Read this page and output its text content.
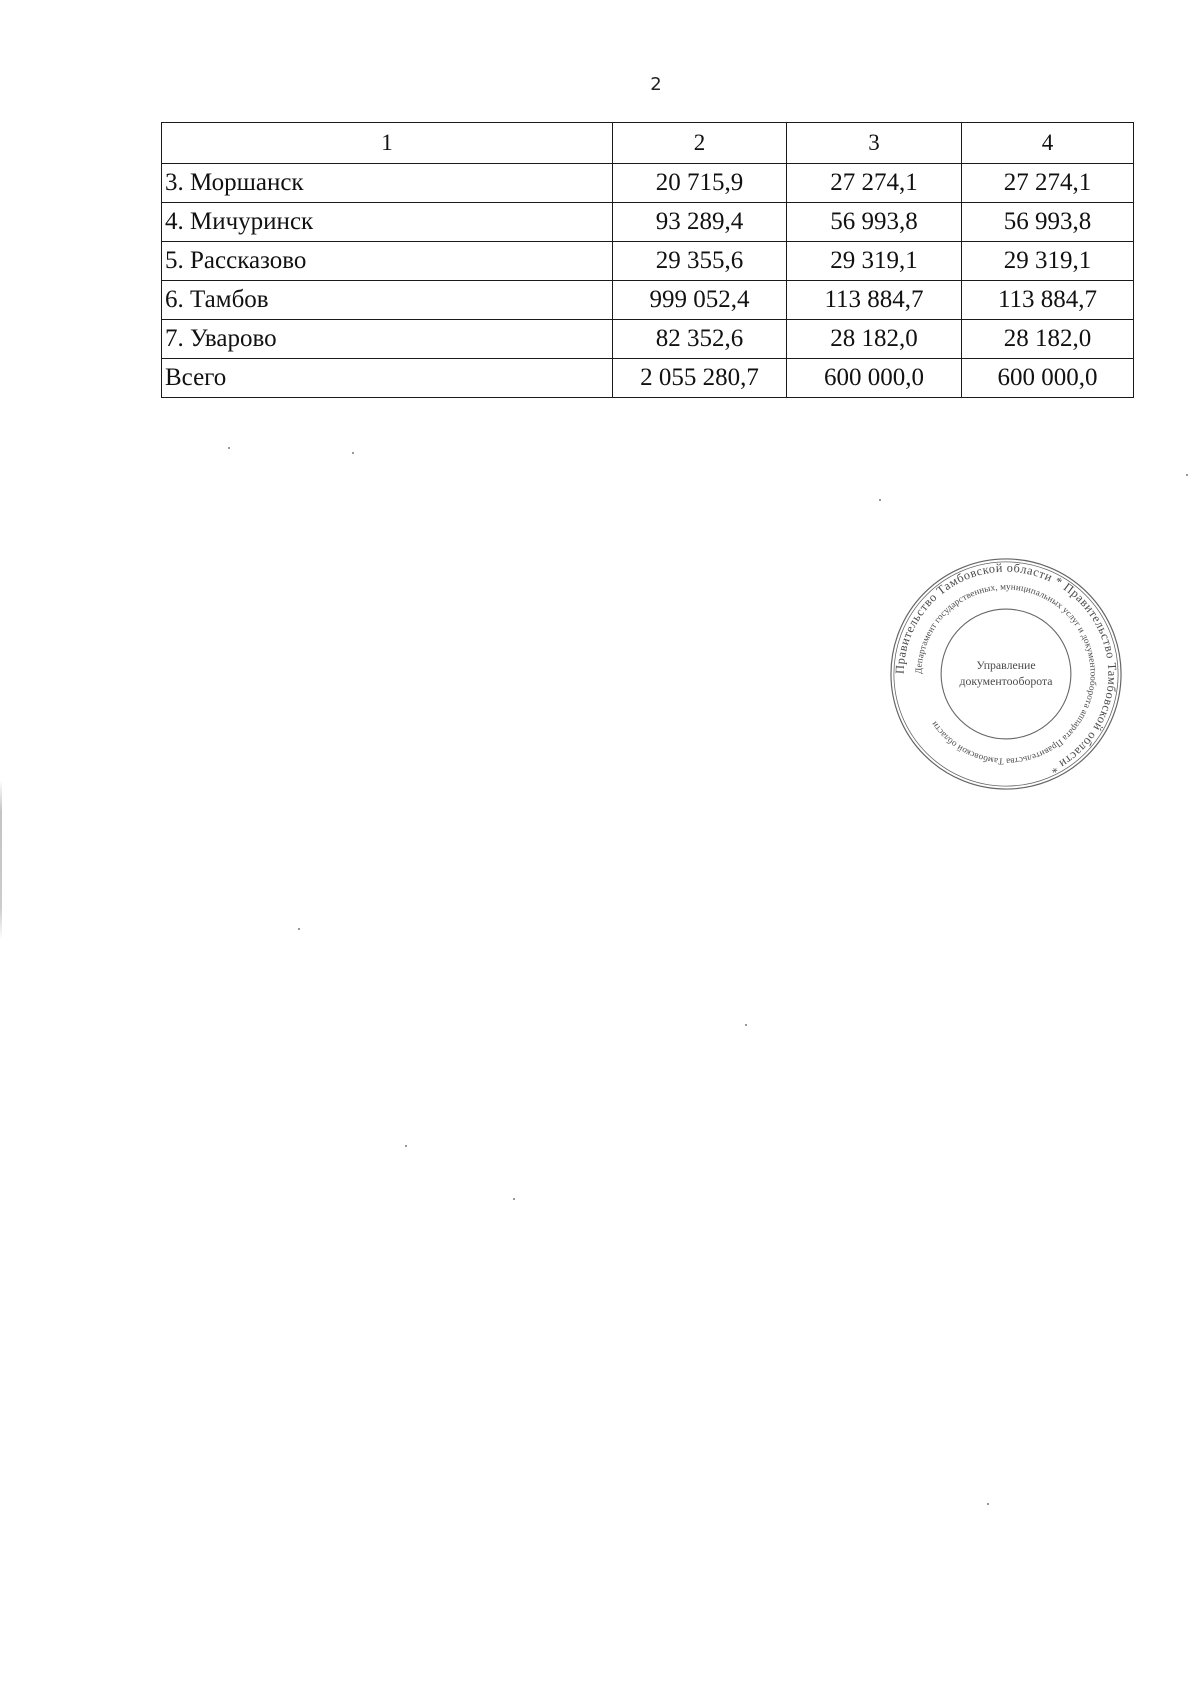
2
1	2	3	4
3. Моршанск	20 715,9	27 274,1	27 274,1
4. Мичуринск	93 289,4	56 993,8	56 993,8
5. Рассказово	29 355,6	29 319,1	29 319,1
6. Тамбов	999 052,4	113 884,7	113 884,7
7. Уварово	82 352,6	28 182,0	28 182,0
Всего	2 055 280,7	600 000,0	600 000,0
Правительство Тамбовской области * Правительство Тамбовской области *
Департамент государственных, муниципальных услуг и документооборота аппарата Правительства Тамбовской области
Управление
документооборота
